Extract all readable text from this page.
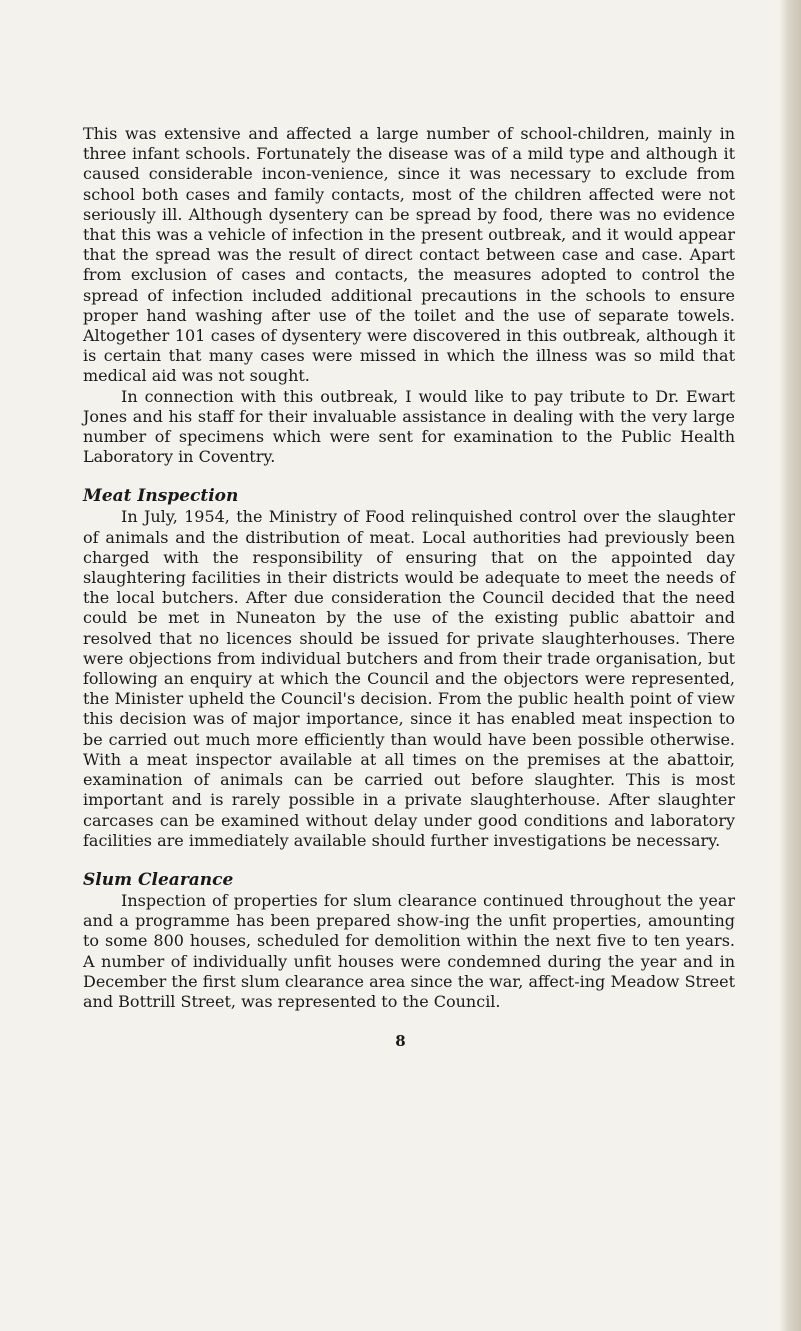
This was extensive and affected a large number of school-children, mainly in three infant schools. Fortunately the disease was of a mild type and although it caused considerable incon-venience, since it was necessary to exclude from school both cases and family contacts, most of the children affected were not seriously ill. Although dysentery can be spread by food, there was no evidence that this was a vehicle of infection in the present outbreak, and it would appear that the spread was the result of direct contact between case and case. Apart from exclusion of cases and contacts, the measures adopted to control the spread of infection included additional precautions in the schools to ensure proper hand washing after use of the toilet and the use of separate towels. Altogether 101 cases of dysentery were discovered in this outbreak, although it is certain that many cases were missed in which the illness was so mild that medical aid was not sought.

In connection with this outbreak, I would like to pay tribute to Dr. Ewart Jones and his staff for their invaluable assistance in dealing with the very large number of specimens which were sent for examination to the Public Health Laboratory in Coventry.

Meat Inspection

In July, 1954, the Ministry of Food relinquished control over the slaughter of animals and the distribution of meat. Local authorities had previously been charged with the responsibility of ensuring that on the appointed day slaughtering facilities in their districts would be adequate to meet the needs of the local butchers. After due consideration the Council decided that the need could be met in Nuneaton by the use of the existing public abattoir and resolved that no licences should be issued for private slaughterhouses. There were objections from individual butchers and from their trade organisation, but following an enquiry at which the Council and the objectors were represented, the Minister upheld the Council's decision. From the public health point of view this decision was of major importance, since it has enabled meat inspection to be carried out much more efficiently than would have been possible otherwise. With a meat inspector available at all times on the premises at the abattoir, examination of animals can be carried out before slaughter. This is most important and is rarely possible in a private slaughterhouse. After slaughter carcases can be examined without delay under good conditions and laboratory facilities are immediately available should further investigations be necessary.

Slum Clearance

Inspection of properties for slum clearance continued throughout the year and a programme has been prepared show-ing the unfit properties, amounting to some 800 houses, scheduled for demolition within the next five to ten years. A number of individually unfit houses were condemned during the year and in December the first slum clearance area since the war, affect-ing Meadow Street and Bottrill Street, was represented to the Council.

8
